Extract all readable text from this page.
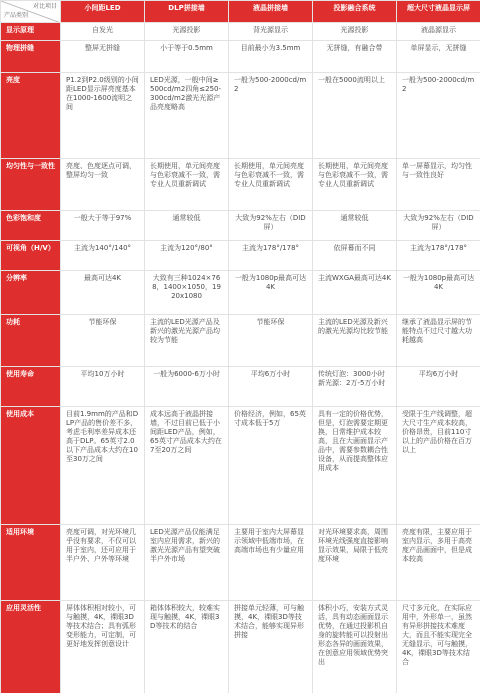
对比项目
产品类别	小间距LED	DLP拼接墙	液晶拼接墙	投影融合系统	超大尺寸液晶显示屏
显示原理	自发光	光源投影	背光源显示	光源投影	液晶源显示
物理拼缝	整屏无拼缝	小于等于0.5mm	目前最小为3.5mm	无拼缝，有融合带	单屏显示，无拼缝
亮度	P1.2到P2.0级别的小间距LED显示屏亮度基本在1000-1600流明之间	LED光源，一般中间≥500cd/m2四角≤250-300cd/m2激光光源产品亮度略高	一般为500-2000cd/m2	一般在5000流明以上	一般为500-2000cd/m2
均匀性与一致性	亮度、色度逐点可调，整屏均匀一致	长期使用，单元间亮度与色彩衰减不一致，需专业人员重新调试	长期使用，单元间亮度与色彩衰减不一致，需专业人员重新调试	长期使用，单元间亮度与色彩衰减不一致，需专业人员重新调试	单一屏幕显示，均匀性与一致性良好
色彩饱和度	一般大于等于97%	通常较低	大致为92%左右（DID屏）	通常较低	大致为92%左右（DID屏）
可视角（H/V）	主流为140°/140°	主流为120°/80°	主流为178°/178°	依屏幕而不同	主流为178°/178°
分辨率	最高可达4K	大致有三种1024×768，1400×1050，1920x1080	一般为1080p最高可达4K	主流WXGA最高可达4K	一般为1080p最高可达4K
功耗	节能环保	主流的LED光源产品及新兴的激光光源产品均较为节能	节能环保	主流的LED光源及新兴的激光光源均比较节能	继承了液晶显示屏的节能特点不过尺寸越大功耗越高
使用寿命	平均10万小时	一般为6000-6万小时	平均6万小时	传统灯泡：3000小时新光源：2万-5万小时	平均6万小时
使用成本	目前1.9mm的产品和DLP产品的售价差不多，考虑毛利率差异成本还高于DLP。65英寸2.0以下产品成本大约在10至30万之间	成本远高于液晶拼接墙，不过目前已低于小间距LED产品，例如，65英寸产品成本大约在7至20万之间	价格经济，例如，65英寸成本低于5万	具有一定的价格优势，但是，灯泡需要定期更换，日常维护成本较高，且在大画面显示产品中，需要参数耦合性设备，从而提高整体应用成本	受限于生产线调整，超大尺寸生产成本较高，价格昂贵，目前110寸以上的产品价格在百万以上
适用环境	亮度可调，对光环境几乎没有要求，不仅可以用于室内，还可应用于半户外、户外等环境	LED光源产品仅能满足室内应用需求，新兴的激光光源产品有望突破半户外市场	主要用于室内大屏幕显示领域中低端市场，在高端市场也有少量应用	对光环境要求高，周围环境光线强度直接影响显示效果，局限于低亮度环境	亮度有限，主要应用于室内显示，多用于高亮度产品画面中，但是成本较高
应用灵活性	屏体体积相对较小，可与触摸，4K，裸眼3D等技术结合；具有弧形变形能力，可定制，可更好地发挥创意设计	箱体体积较大，较难实现与触摸，4K，裸眼3D等技术的结合	拼接单元轻薄，可与触摸，4K，裸眼3D等技术结合，能够实现异形拼接	体积小巧，安装方式灵活，具有动态画面显示优势，在通过投影机自身的旋转能可以投射出形态各异的画面效果，在创意应用领域优势突出	尺寸多元化，在实际应用中，外形单一，虽然有异形拼接技术难度大，而且不能实现完全无缝显示，可与触摸，4K，裸眼3D等技术结合
